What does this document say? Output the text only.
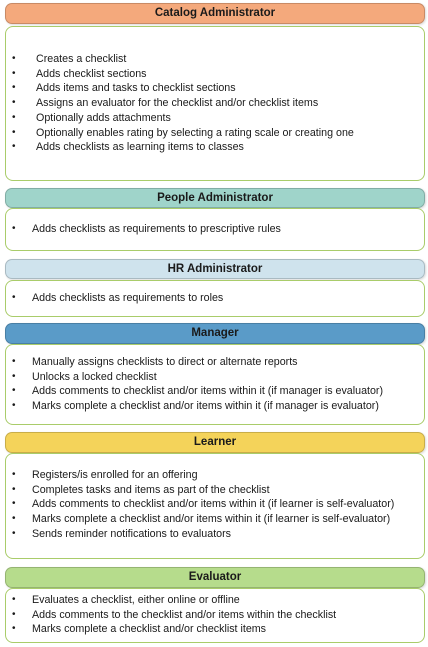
Catalog Administrator
• Creates a checklist
• Adds checklist sections
• Adds items and tasks to checklist sections
• Assigns an evaluator for the checklist and/or checklist items
• Optionally adds attachments
• Optionally enables rating by selecting a rating scale or creating one
• Adds checklists as learning items to classes
People Administrator
• Adds checklists as requirements to prescriptive rules
HR Administrator
• Adds checklists as requirements to roles
Manager
• Manually assigns checklists to direct or alternate reports
• Unlocks a locked checklist
• Adds comments to checklist and/or items within it (if manager is evaluator)
• Marks complete a checklist and/or items within it (if manager is evaluator)
Learner
• Registers/is enrolled for an offering
• Completes tasks and items as part of the checklist
• Adds comments to checklist and/or items within it (if learner is self-evaluator)
• Marks complete a checklist and/or items within it (if learner is self-evaluator)
• Sends reminder notifications to evaluators
Evaluator
• Evaluates a checklist, either online or offline
• Adds comments to the checklist and/or items within the checklist
• Marks complete a checklist and/or checklist items
